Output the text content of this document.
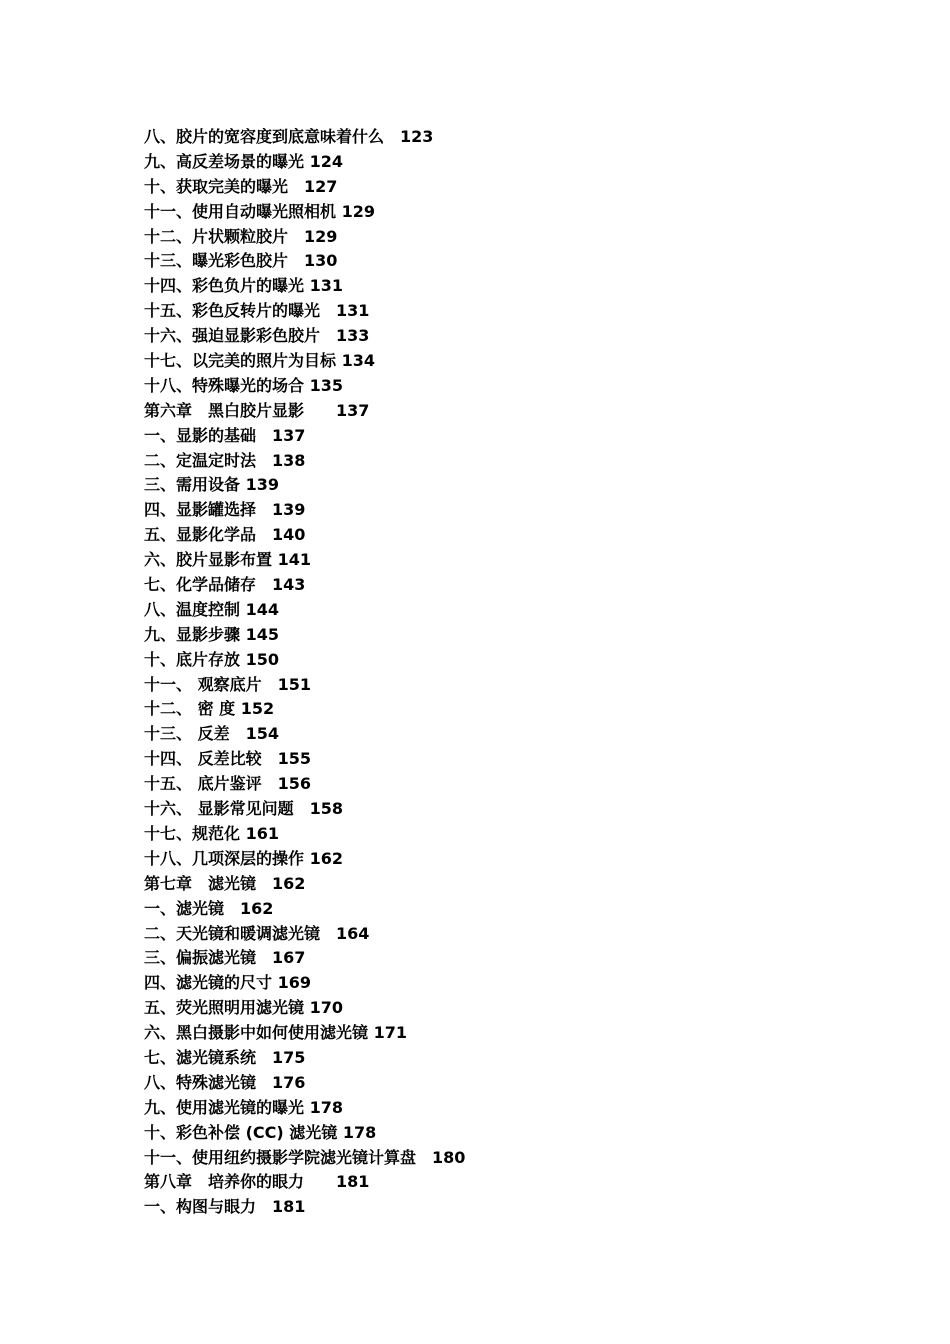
八、胶片的宽容度到底意味着什么　123
九、高反差场景的曝光 124
十、获取完美的曝光　127
十一、使用自动曝光照相机 129
十二、片状颗粒胶片　129
十三、曝光彩色胶片　130
十四、彩色负片的曝光 131
十五、彩色反转片的曝光　131
十六、强迫显影彩色胶片　133
十七、以完美的照片为目标 134
十八、特殊曝光的场合 135
第六章　黑白胶片显影　　137
一、显影的基础　137
二、定温定时法　138
三、需用设备 139
四、显影罐选择　139
五、显影化学品　140
六、胶片显影布置 141
七、化学品储存　143
八、温度控制 144
九、显影步骤 145
十、底片存放 150
十一、 观察底片　151
十二、 密 度 152
十三、 反差　154
十四、 反差比较　155
十五、 底片鉴评　156
十六、 显影常见问题　158
十七、规范化 161
十八、几项深层的操作 162
第七章　滤光镜　162
一、滤光镜　162
二、天光镜和暖调滤光镜　164
三、偏振滤光镜　167
四、滤光镜的尺寸 169
五、荧光照明用滤光镜 170
六、黑白摄影中如何使用滤光镜 171
七、滤光镜系统　175
八、特殊滤光镜　176
九、使用滤光镜的曝光 178
十、彩色补偿 (CC) 滤光镜 178
十一、使用纽约摄影学院滤光镜计算盘　180
第八章　培养你的眼力　　181
一、构图与眼力　181
